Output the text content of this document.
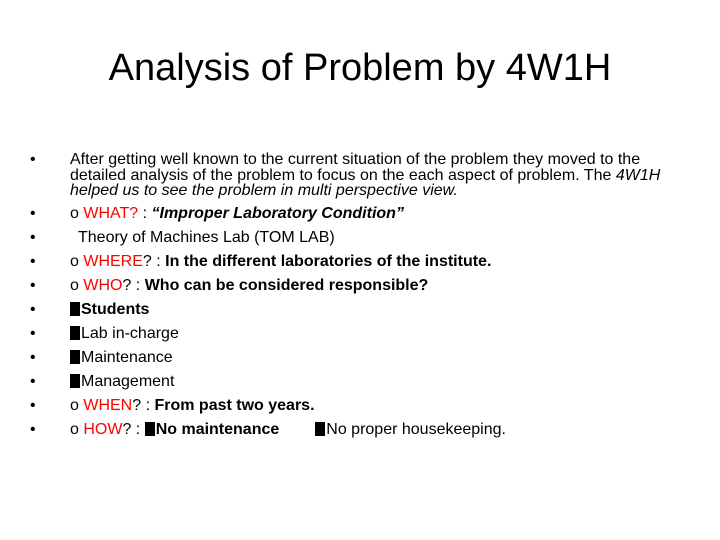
Analysis of Problem by 4W1H
• After getting well known to the current situation of the problem they moved to the detailed analysis of the problem to focus on the each aspect of problem. The 4W1H helped us to see the problem in multi perspective view.
• o WHAT? : “Improper Laboratory Condition”
•	Theory of Machines Lab (TOM LAB)
• o WHERE? : In the different laboratories of the institute.
• o WHO? : Who can be considered responsible?
•	Students
•	Lab in-charge
•	Maintenance
•	Management
• o WHEN? : From past two years.
• o HOW? : No maintenance	No proper housekeeping.
